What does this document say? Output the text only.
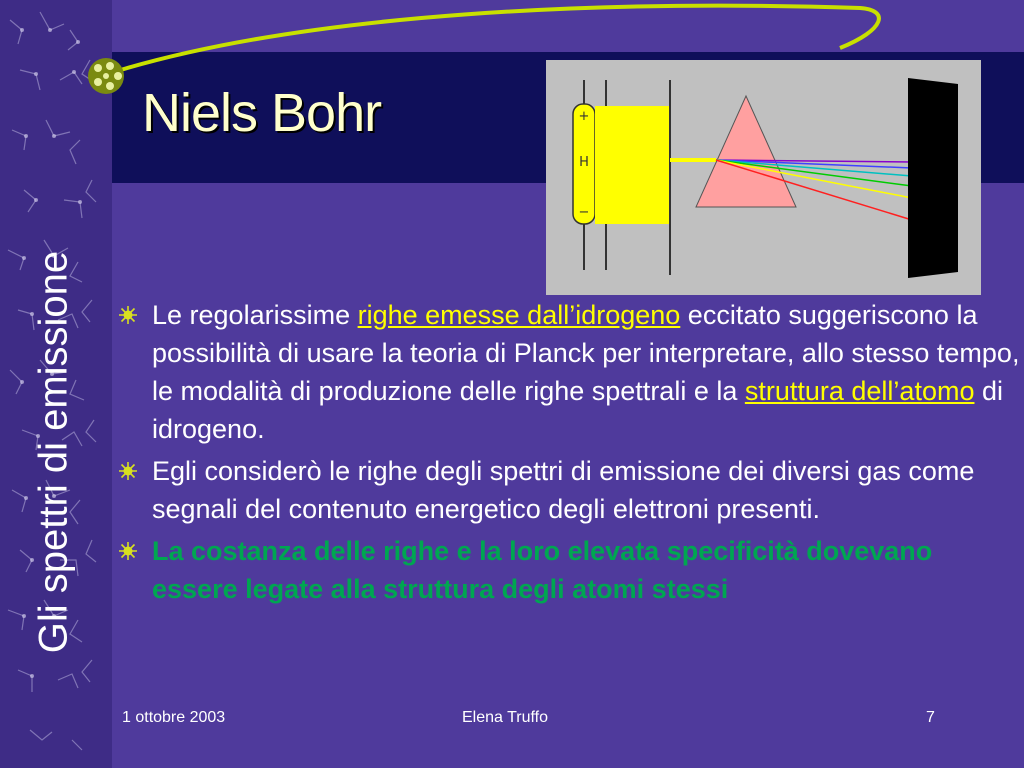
Niels Bohr
Gli spettri di emissione
+
H
−
Le regolarissime righe emesse dall’idrogeno eccitato suggeriscono la possibilità di usare la teoria di Planck per interpretare, allo stesso tempo, le modalità di produzione delle righe spettrali e la struttura dell’atomo di idrogeno.
Egli considerò le righe degli spettri di emissione dei diversi gas come segnali del contenuto energetico degli elettroni presenti.
La costanza delle righe e la loro elevata specificità dovevano essere legate alla struttura degli atomi stessi
1 ottobre 2003	Elena Truffo	7
